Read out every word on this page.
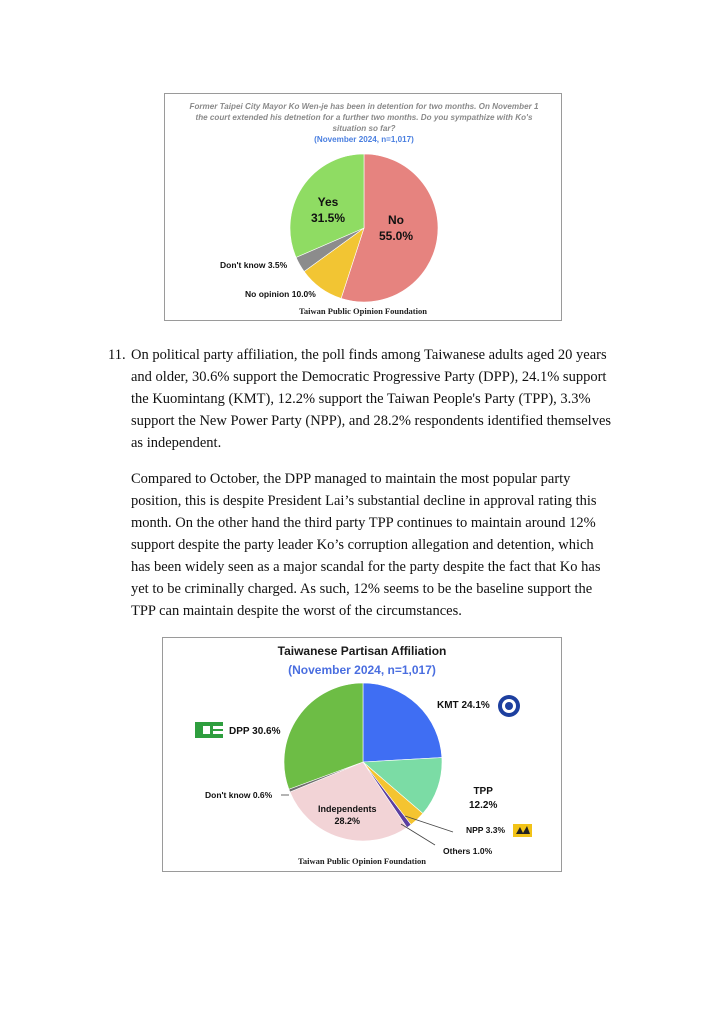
Former Taipei City Mayor Ko Wen-je has been in detention for two months. On November 1 the court extended his detnetion for a further two months. Do you sympathize with Ko's situation so far?
(November 2024, n=1,017)
Yes
31.5%	No
55.0%
Don't know 3.5%
No opinion 10.0%
Taiwan Public Opinion Foundation
11. On political party affiliation, the poll finds among Taiwanese adults aged 20 years
and older, 30.6% support the Democratic Progressive Party (DPP), 24.1% support
the Kuomintang (KMT), 12.2% support the Taiwan People's Party (TPP), 3.3%
support the New Power Party (NPP), and 28.2% respondents identified themselves
as independent.
Compared to October, the DPP managed to maintain the most popular party
position, this is despite President Lai’s substantial decline in approval rating this
month. On the other hand the third party TPP continues to maintain around 12%
support despite the party leader Ko’s corruption allegation and detention, which
has been widely seen as a major scandal for the party despite the fact that Ko has
yet to be criminally charged. As such, 12% seems to be the baseline support the
TPP can maintain despite the worst of the circumstances.
Taiwanese Partisan Affiliation
(November 2024, n=1,017)
KMT 24.1%
DPP 30.6%
TPP
12.2%
NPP 3.3%
Others 1.0%
Don't know 0.6%
Independents
28.2%
Taiwan Public Opinion Foundation
